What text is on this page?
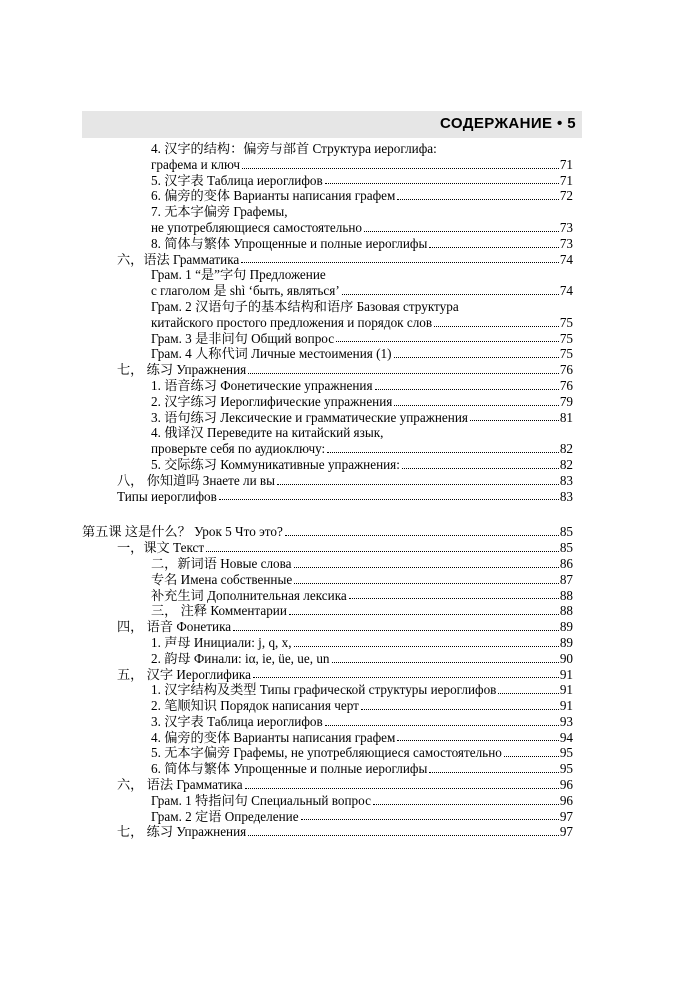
СОДЕРЖАНИЕ • 5
4. 汉字的结构：偏旁与部首 Структура иероглифа:
графема и ключ	71
5. 汉字表 Таблица иероглифов	71
6. 偏旁的变体 Варианты написания графем	72
7. 无本字偏旁 Графемы,
не употребляющиеся самостоятельно	73
8. 简体与繁体 Упрощенные и полные иероглифы	73
六，语法 Грамматика	74
Грам. 1 “是”字句 Предложение
с глаголом 是 shì ‘быть, являться’	74
Грам. 2 汉语句子的基本结构和语序 Базовая структура
китайского простого предложения и порядок слов	75
Грам. 3 是非问句 Общий вопрос	75
Грам. 4 人称代词 Личные местоимения (1)	75
七， 练习 Упражнения	76
1. 语音练习 Фонетические упражнения	76
2. 汉字练习 Иероглифические упражнения	79
3. 语句练习 Лексические и грамматические упражнения	81
4. 俄译汉 Переведите на китайский язык,
проверьте себя по аудиоключу:	82
5. 交际练习 Коммуникативные упражнения:	82
八， 你知道吗 Знаете ли вы	83
Типы иероглифов	83
第五课 这是什么？ Урок 5 Что это?	85
一，课文 Текст	85
二，新词语 Новые слова	86
专名 Имена собственные	87
补充生词 Дополнительная лексика	88
三， 注释 Комментарии	88
四， 语音 Фонетика	89
1. 声母 Инициали: j, q, x,	89
2. 韵母 Финали: iα, ie, üe, ue, un	90
五， 汉字 Иероглифика	91
1. 汉字结构及类型 Типы графической структуры иероглифов	91
2. 笔顺知识 Порядок написания черт	91
3. 汉字表 Таблица иероглифов	93
4. 偏旁的变体 Варианты написания графем	94
5. 无本字偏旁 Графемы, не употребляющиеся самостоятельно	95
6. 简体与繁体 Упрощенные и полные иероглифы	95
六， 语法 Грамматика	96
Грам. 1 特指问句 Специальный вопрос	96
Грам. 2 定语 Определение	97
七， 练习 Упражнения	97
